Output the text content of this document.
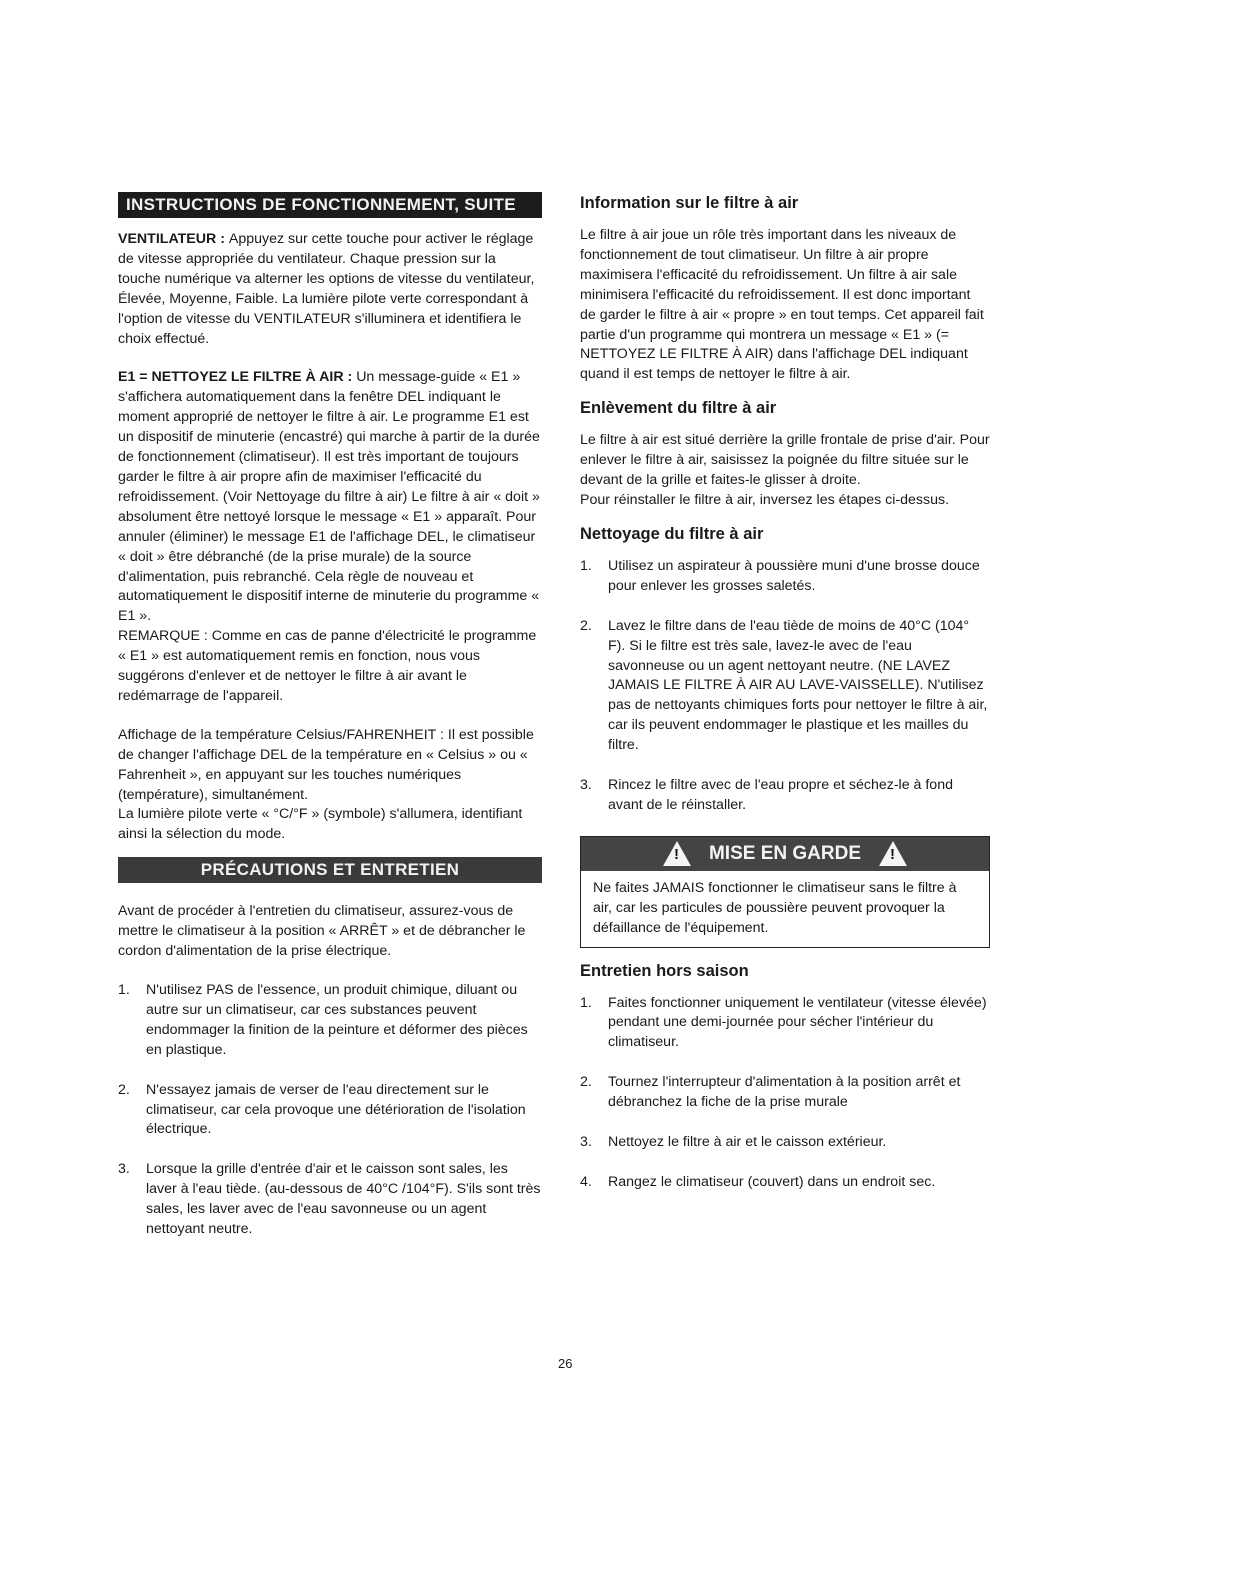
INSTRUCTIONS DE FONCTIONNEMENT, SUITE

VENTILATEUR : Appuyez sur cette touche pour activer le réglage de vitesse appropriée du ventilateur. Chaque pression sur la touche numérique va alterner les options de vitesse du ventilateur, Élevée, Moyenne, Faible. La lumière pilote verte correspondant à l'option de vitesse du VENTILATEUR s'illuminera et identifiera le choix effectué.

E1 = NETTOYEZ LE FILTRE À AIR : Un message-guide « E1 » s'affichera automatiquement dans la fenêtre DEL indiquant le moment approprié de nettoyer le filtre à air. Le programme E1 est un dispositif de minuterie (encastré) qui marche à partir de la durée de fonctionnement (climatiseur). Il est très important de toujours garder le filtre à air propre afin de maximiser l'efficacité du refroidissement. (Voir Nettoyage du filtre à air) Le filtre à air « doit » absolument être nettoyé lorsque le message « E1 » apparaît. Pour annuler (éliminer) le message E1 de l'affichage DEL, le climatiseur « doit » être débranché (de la prise murale) de la source d'alimentation, puis rebranché. Cela règle de nouveau et automatiquement le dispositif interne de minuterie du programme « E1 ».

REMARQUE : Comme en cas de panne d'électricité le programme « E1 » est automatiquement remis en fonction, nous vous suggérons d'enlever et de nettoyer le filtre à air avant le redémarrage de l'appareil.

Affichage de la température Celsius/FAHRENHEIT : Il est possible de changer l'affichage DEL de la température en « Celsius » ou « Fahrenheit », en appuyant sur les touches numériques (température), simultanément.

La lumière pilote verte « °C/°F » (symbole) s'allumera, identifiant ainsi la sélection du mode.

PRÉCAUTIONS ET ENTRETIEN

Avant de procéder à l'entretien du climatiseur, assurez-vous de mettre le climatiseur à la position « ARRÊT » et de débrancher le cordon d'alimentation de la prise électrique.

1.	N'utilisez PAS de l'essence, un produit chimique, diluant ou autre sur un climatiseur, car ces substances peuvent endommager la finition de la peinture et déformer des pièces en plastique.
2.	N'essayez jamais de verser de l'eau directement sur le climatiseur, car cela provoque une détérioration de l'isolation électrique.
3.	Lorsque la grille d'entrée d'air et le caisson sont sales, les laver à l'eau tiède. (au-dessous de 40°C /104°F). S'ils sont très sales, les laver avec de l'eau savonneuse ou un agent nettoyant neutre.
Information sur le filtre à air

Le filtre à air joue un rôle très important dans les niveaux de fonctionnement de tout climatiseur. Un filtre à air propre maximisera l'efficacité du refroidissement. Un filtre à air sale minimisera l'efficacité du refroidissement. Il est donc important de garder le filtre à air « propre » en tout temps. Cet appareil fait partie d'un programme qui montrera un message « E1 » (= NETTOYEZ LE FILTRE À AIR) dans l'affichage DEL indiquant quand il est temps de nettoyer le filtre à air.

Enlèvement du filtre à air

Le filtre à air est situé derrière la grille frontale de prise d'air. Pour enlever le filtre à air, saisissez la poignée du filtre située sur le devant de la grille et faites-le glisser à droite.

Pour réinstaller le filtre à air, inversez les étapes ci-dessus.

Nettoyage du filtre à air
1.	Utilisez un aspirateur à poussière muni d'une brosse douce pour enlever les grosses saletés.
2.	Lavez le filtre dans de l'eau tiède de moins de 40°C (104° F). Si le filtre est très sale, lavez-le avec de l'eau savonneuse ou un agent nettoyant neutre. (NE LAVEZ JAMAIS LE FILTRE À AIR AU LAVE-VAISSELLE). N'utilisez pas de nettoyants chimiques forts pour nettoyer le filtre à air, car ils peuvent endommager le plastique et les mailles du filtre.
3.	Rincez le filtre avec de l'eau propre et séchez-le à fond avant de le réinstaller.
! MISE EN GARDE !

Ne faites JAMAIS fonctionner le climatiseur sans le filtre à air, car les particules de poussière peuvent provoquer la défaillance de l'équipement.

Entretien hors saison
1.	Faites fonctionner uniquement le ventilateur (vitesse élevée) pendant une demi-journée pour sécher l'intérieur du climatiseur.
2.	Tournez l'interrupteur d'alimentation à la position arrêt et débranchez la fiche de la prise murale
3.	Nettoyez le filtre à air et le caisson extérieur.
4.	Rangez le climatiseur (couvert) dans un endroit sec.
26
